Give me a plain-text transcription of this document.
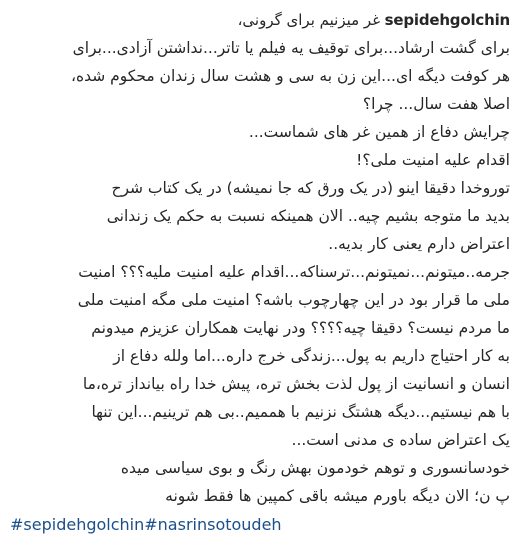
sepidehgolchin غر میزنیم برای گرونی،
برای گشت ارشاد...برای توقیف یه فیلم یا تاتر...نداشتن آزادی...برای
هر کوفت دیگه ای...این زن به سی و هشت سال زندان محکوم شده،
اصلا هفت سال... چرا؟
چرایش دفاع از همین غر های شماست...
اقدام علیه امنیت ملی؟!
توروخدا دقیقا اینو (در یک ورق که جا نمیشه) در یک کتاب شرح
بدید ما متوجه بشیم چیه.. الان همینکه نسبت به حکم یک زندانی
اعتراض دارم یعنی کار بدیه..
جرمه..میتونم...نمیتونم...ترسناکه...اقدام علیه امنیت ملیه؟؟؟ امنیت
ملی ما قرار بود در این چهارچوب باشه؟ امنیت ملی مگه امنیت ملی
ما مردم نیست؟ دقیقا چیه؟؟؟؟ ودر نهایت همکاران عزیزم میدونم
به کار احتیاج داریم به پول...زندگی خرج داره...اما ولله دفاع از
انسان و انسانیت از پول لذت بخش تره، پیش خدا راه بیانداز تره،ما
با هم نیستیم...دیگه هشتگ نزنیم با هممیم..بی هم ترینیم...این تنها
یک اعتراض ساده ی مدنی است...
خودسانسوری و توهم خودمون بهش رنگ و بوی سیاسی میده
پ ن؛ الان دیگه باورم میشه باقی کمپین ها فقط شونه
#sepidehgolchin#nasrinsotoudeh
